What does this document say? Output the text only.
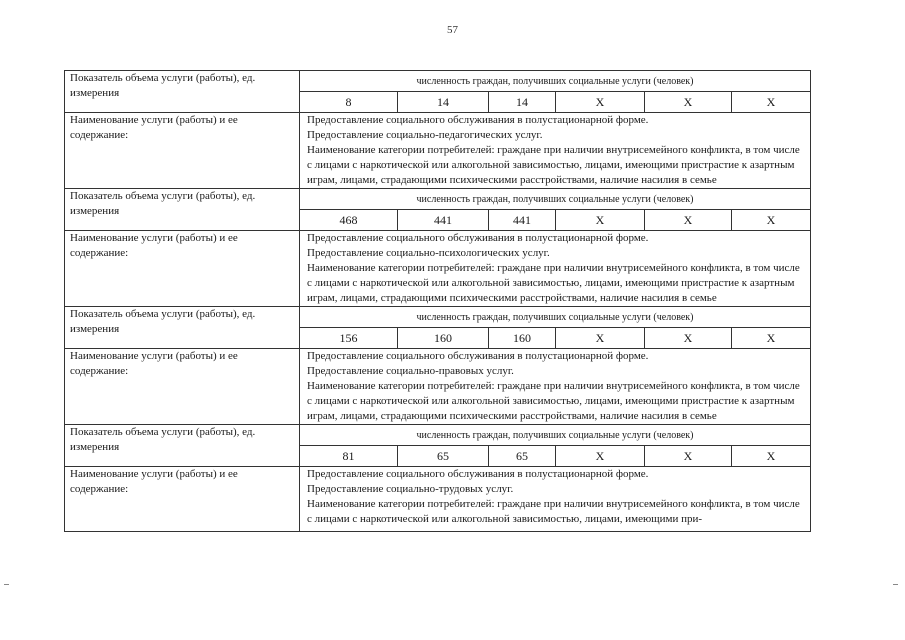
57
Показатель объема услуги (работы), ед. измерения	численность граждан, получивших социальные услуги (человек)					
	8	14	14	X	X	X
Наименование услуги (работы) и ее содержание:	Предоставление социального обслуживания в полустационарной форме.

Предоставление социально-педагогических услуг.

Наименование категории потребителей: граждане при наличии внутрисемейного конфликта, в том числе с лицами с наркотической или алкогольной зависимостью, лицами, имеющими пристрастие к азартным играм, лицами, страдающими психическими расстройствами, наличие насилия в семье					

Показатель объема услуги (работы), ед. измерения	численность граждан, получивших социальные услуги (человек)					
	468	441	441	X	X	X
Наименование услуги (работы) и ее содержание:	Предоставление социального обслуживания в полустационарной форме.

Предоставление социально-психологических услуг.

Наименование категории потребителей: граждане при наличии внутрисемейного конфликта, в том числе с лицами с наркотической или алкогольной зависимостью, лицами, имеющими пристрастие к азартным играм, лицами, страдающими психическими расстройствами, наличие насилия в семье					

Показатель объема услуги (работы), ед. измерения	численность граждан, получивших социальные услуги (человек)					
	156	160	160	X	X	X
Наименование услуги (работы) и ее содержание:	Предоставление социального обслуживания в полустационарной форме.

Предоставление социально-правовых услуг.

Наименование категории потребителей: граждане при наличии внутрисемейного конфликта, в том числе с лицами с наркотической или алкогольной зависимостью, лицами, имеющими пристрастие к азартным играм, лицами, страдающими психическими расстройствами, наличие насилия в семье					

Показатель объема услуги (работы), ед. измерения	численность граждан, получивших социальные услуги (человек)					
	81	65	65	X	X	X
Наименование услуги (работы) и ее содержание:	Предоставление социального обслуживания в полустационарной форме.

Предоставление социально-трудовых услуг.

Наименование категории потребителей: граждане при наличии внутрисемейного конфликта, в том числе с лицами с наркотической или алкогольной зависимостью, лицами, имеющими при-					
